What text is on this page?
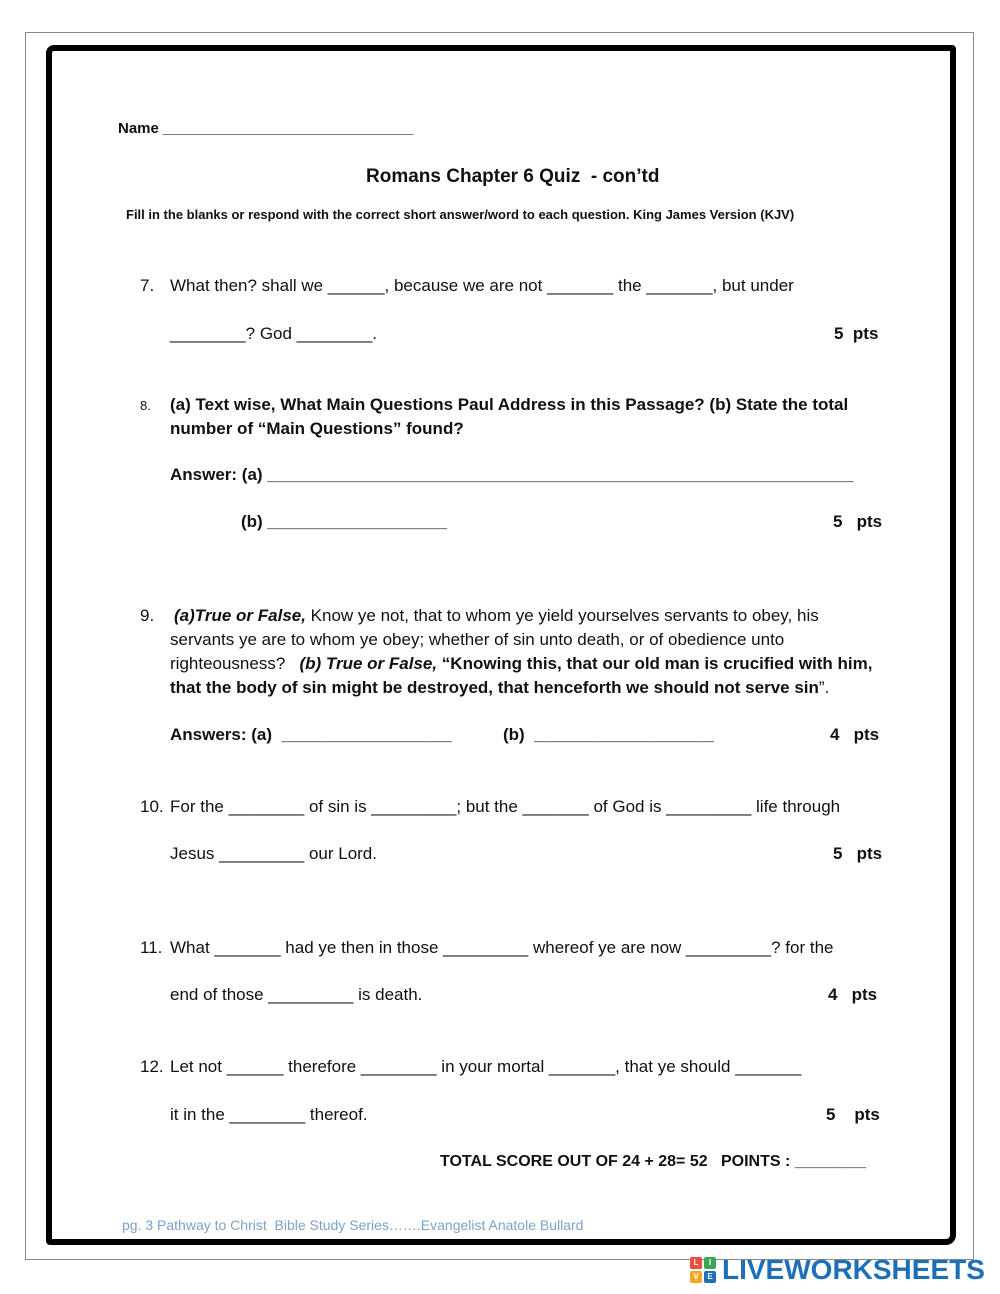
Name ______________________________
Romans Chapter 6 Quiz  - con’td
Fill in the blanks or respond with the correct short answer/word to each question. King James Version (KJV)
7. What then? shall we ______, because we are not _______ the _______, but under
________? God ________.	5  pts
8. (a) Text wise, What Main Questions Paul Address in this Passage? (b) State the total
number of “Main Questions” found?
Answer: (a) ______________________________________________________________
(b) ___________________	5   pts
9. (a)True or False, Know ye not, that to whom ye yield yourselves servants to obey, his
servants ye are to whom ye obey; whether of sin unto death, or of obedience unto
righteousness?   (b) True or False, “Knowing this, that our old man is crucified with him,
that the body of sin might be destroyed, that henceforth we should not serve sin”.
Answers: (a)  __________________	(b)  ___________________	4   pts
10. For the ________ of sin is _________; but the _______ of God is _________ life through
Jesus _________ our Lord.	5   pts
11. What _______ had ye then in those _________ whereof ye are now _________? for the
end of those _________ is death.	4   pts
12. Let not ______ therefore ________ in your mortal _______, that ye should _______
it in the ________ thereof.	5    pts
TOTAL SCORE OUT OF 24 + 28= 52   POINTS : ________
pg. 3 Pathway to Christ  Bible Study Series…….Evangelist Anatole Bullard
L	I
V	E LIVEWORKSHEETS
